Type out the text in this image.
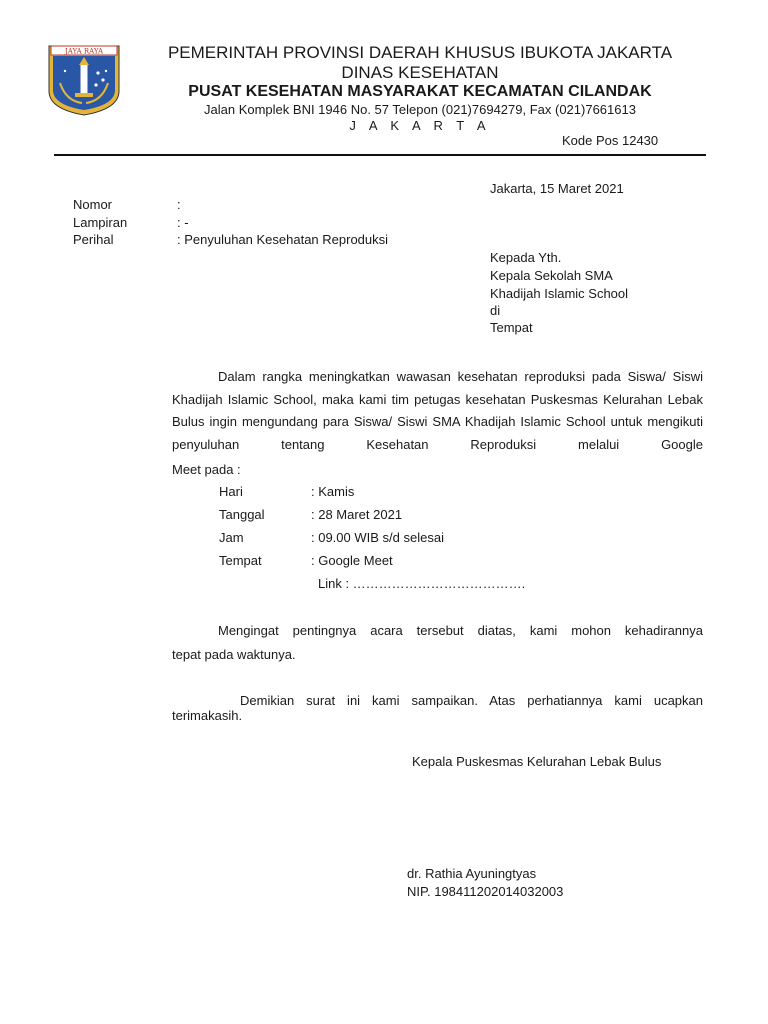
JAYA RAYA	PEMERINTAH PROVINSI DAERAH KHUSUS IBUKOTA JAKARTA
DINAS KESEHATAN
PUSAT KESEHATAN MASYARAKAT KECAMATAN CILANDAK
Jalan Komplek BNI 1946 No. 57 Telepon (021)7694279, Fax (021)7661613
J A K A R T A
Kode Pos 12430
Jakarta, 15 Maret 2021
Nomor	:
Lampiran	: -
Perihal	: Penyuluhan Kesehatan Reproduksi
Kepada Yth.
Kepala Sekolah SMA
Khadijah Islamic School
di
Tempat
Dalam rangka meningkatkan wawasan kesehatan reproduksi pada Siswa/ Siswi Khadijah Islamic School, maka kami tim petugas kesehatan Puskesmas Kelurahan Lebak Bulus ingin mengundang para Siswa/ Siswi SMA Khadijah Islamic School untuk mengikuti penyuluhan tentang Kesehatan Reproduksi melalui Google
Meet pada :
Hari	: Kamis
Tanggal	: 28 Maret 2021
Jam	: 09.00 WIB s/d selesai
Tempat	: Google Meet
Link : ………………………………….
Mengingat pentingnya acara tersebut diatas, kami mohon kehadirannya
tepat pada waktunya.
Demikian surat ini kami sampaikan. Atas perhatiannya kami ucapkan
terimakasih.
Kepala Puskesmas Kelurahan Lebak Bulus
dr. Rathia Ayuningtyas
NIP. 198411202014032003
